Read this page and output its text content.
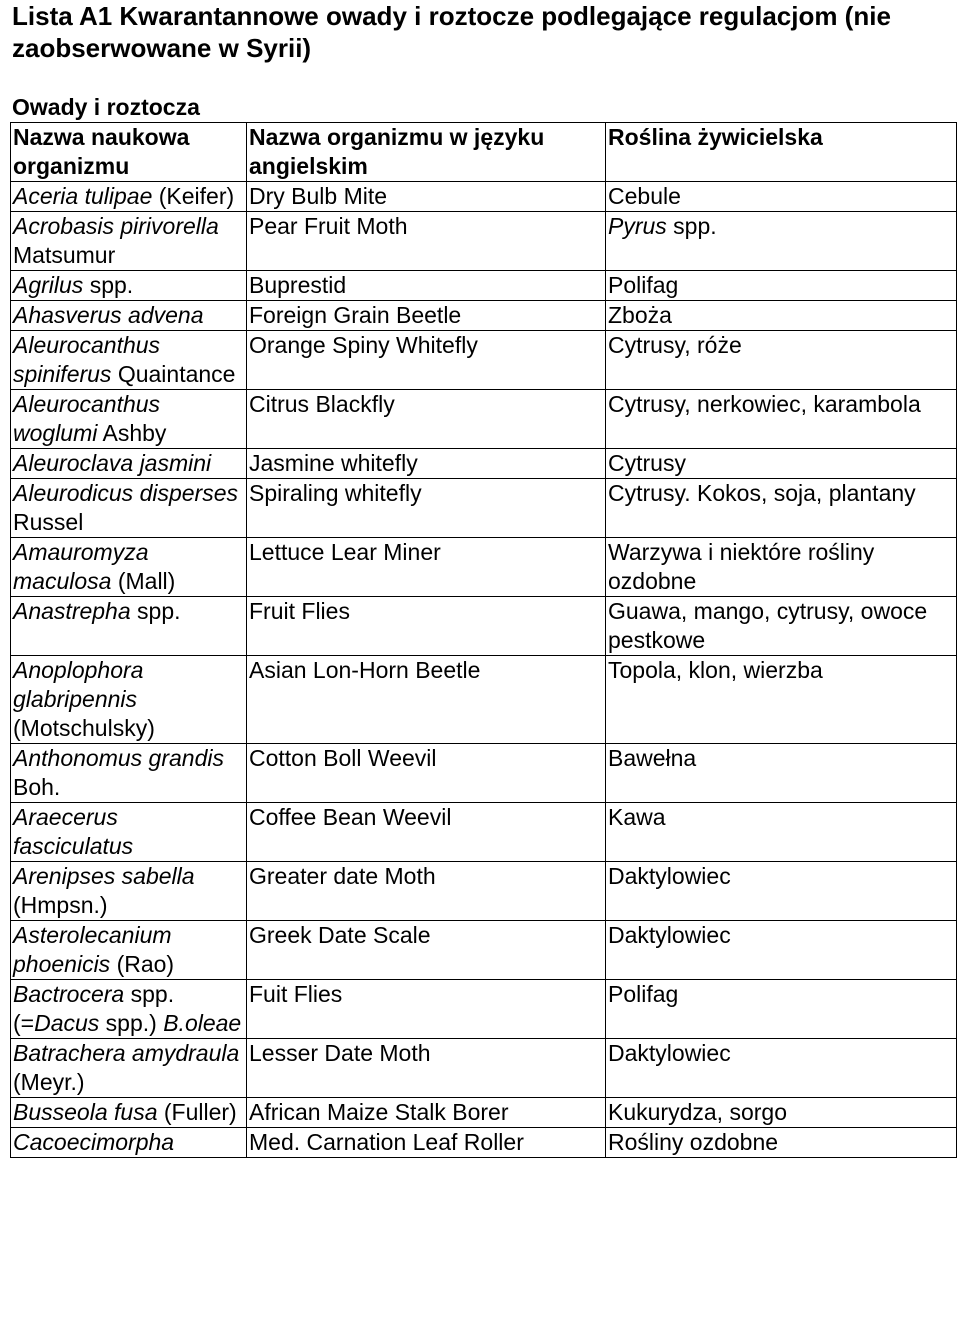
Lista A1 Kwarantannowe owady i roztocze podlegające regulacjom (nie zaobserwowane w Syrii)
Owady i roztocza
Nazwa naukowa organizmu	Nazwa organizmu w języku angielskim	Roślina żywicielska
Aceria tulipae (Keifer)	Dry Bulb Mite	Cebule
Acrobasis pirivorella Matsumur	Pear Fruit Moth	Pyrus spp.
Agrilus spp.	Buprestid	Polifag
Ahasverus advena	Foreign Grain Beetle	Zboża
Aleurocanthus spiniferus Quaintance	Orange Spiny Whitefly	Cytrusy, róże
Aleurocanthus woglumi Ashby	Citrus Blackfly	Cytrusy, nerkowiec, karambola
Aleuroclava jasmini	Jasmine whitefly	Cytrusy
Aleurodicus disperses Russel	Spiraling whitefly	Cytrusy. Kokos, soja, plantany
Amauromyza maculosa (Mall)	Lettuce Lear Miner	Warzywa i niektóre rośliny ozdobne
Anastrepha spp.	Fruit Flies	Guawa, mango, cytrusy, owoce pestkowe
Anoplophora glabripennis (Motschulsky)	Asian Lon-Horn Beetle	Topola, klon, wierzba
Anthonomus grandis Boh.	Cotton Boll Weevil	Bawełna
Araecerus fasciculatus	Coffee Bean Weevil	Kawa
Arenipses sabella (Hmpsn.)	Greater date Moth	Daktylowiec
Asterolecanium phoenicis (Rao)	Greek Date Scale	Daktylowiec
Bactrocera spp. (=Dacus spp.) B.oleae	Fuit Flies	Polifag
Batrachera amydraula (Meyr.)	Lesser Date Moth	Daktylowiec
Busseola fusa (Fuller)	African Maize Stalk Borer	Kukurydza, sorgo
Cacoecimorpha	Med. Carnation Leaf Roller	Rośliny ozdobne
